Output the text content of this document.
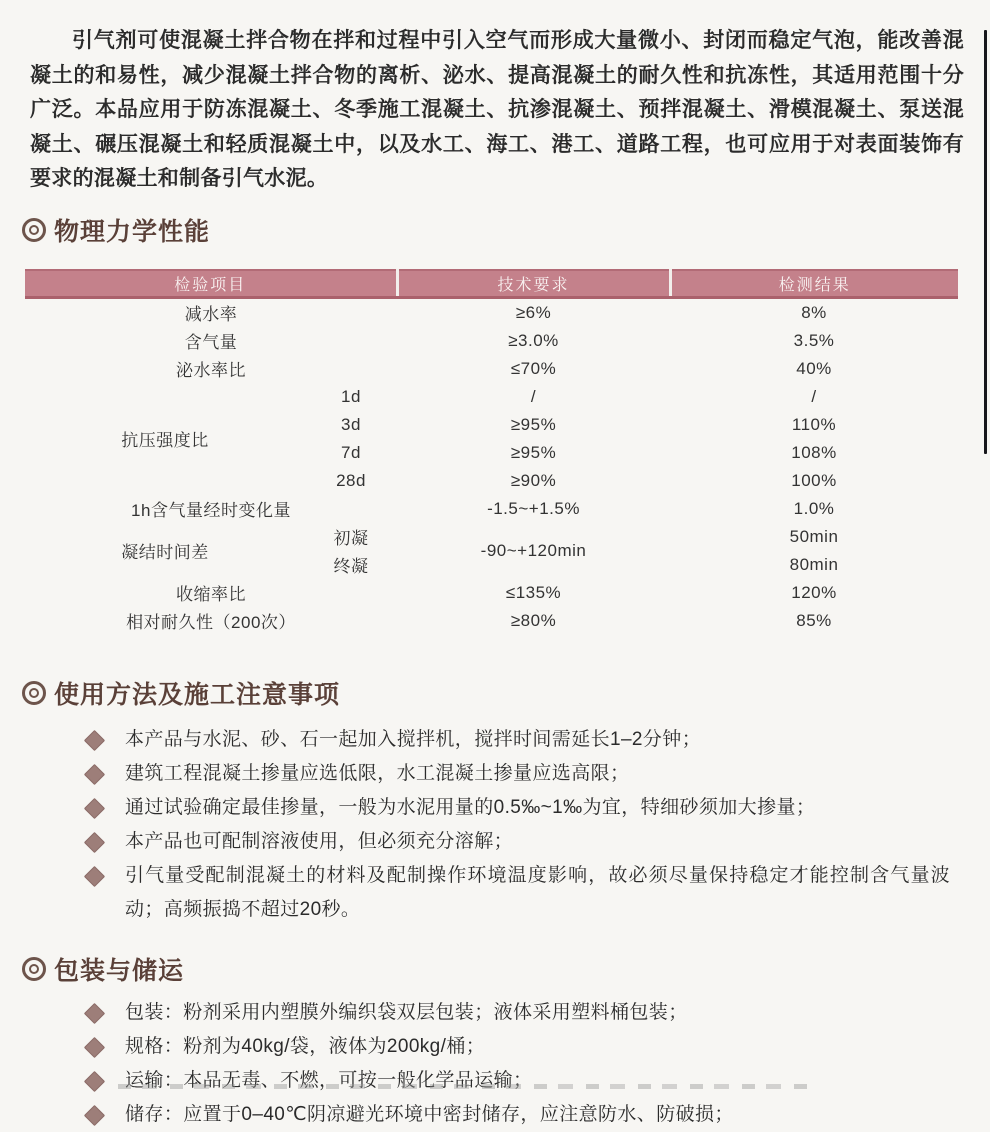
引气剂可使混凝土拌合物在拌和过程中引入空气而形成大量微小、封闭而稳定气泡，能改善混凝土的和易性，减少混凝土拌合物的离析、泌水、提高混凝土的耐久性和抗冻性，其适用范围十分广泛。本品应用于防冻混凝土、冬季施工混凝土、抗渗混凝土、预拌混凝土、滑模混凝土、泵送混凝土、碾压混凝土和轻质混凝土中，以及水工、海工、港工、道路工程，也可应用于对表面装饰有要求的混凝土和制备引气水泥。

物理力学性能
检验项目		技术要求	检测结果
减水率		≥6%	8%
含气量		≥3.0%	3.5%
泌水率比		≤70%	40%
抗压强度比	1d	/	/
	3d	≥95%	110%
	7d	≥95%	108%
	28d	≥90%	100%
1h含气量经时变化量		-1.5~+1.5%	1.0%
凝结时间差	初凝	-90~+120min	50min
	终凝		80min
收缩率比		≤135%	120%
相对耐久性（200次）		≥80%	85%
使用方法及施工注意事项
本产品与水泥、砂、石一起加入搅拌机，搅拌时间需延长1–2分钟；
建筑工程混凝土掺量应选低限，水工混凝土掺量应选高限；
通过试验确定最佳掺量，一般为水泥用量的0.5‰~1‰为宜，特细砂须加大掺量；
本产品也可配制溶液使用，但必须充分溶解；
引气量受配制混凝土的材料及配制操作环境温度影响，故必须尽量保持稳定才能控制含气量波动；高频振捣不超过20秒。
包装与储运
包装：粉剂采用内塑膜外编织袋双层包装；液体采用塑料桶包装；
规格：粉剂为40kg/袋，液体为200kg/桶；
运输：本品无毒、不燃，可按一般化学品运输；
储存：应置于0–40℃阴凉避光环境中密封储存，应注意防水、防破损；
